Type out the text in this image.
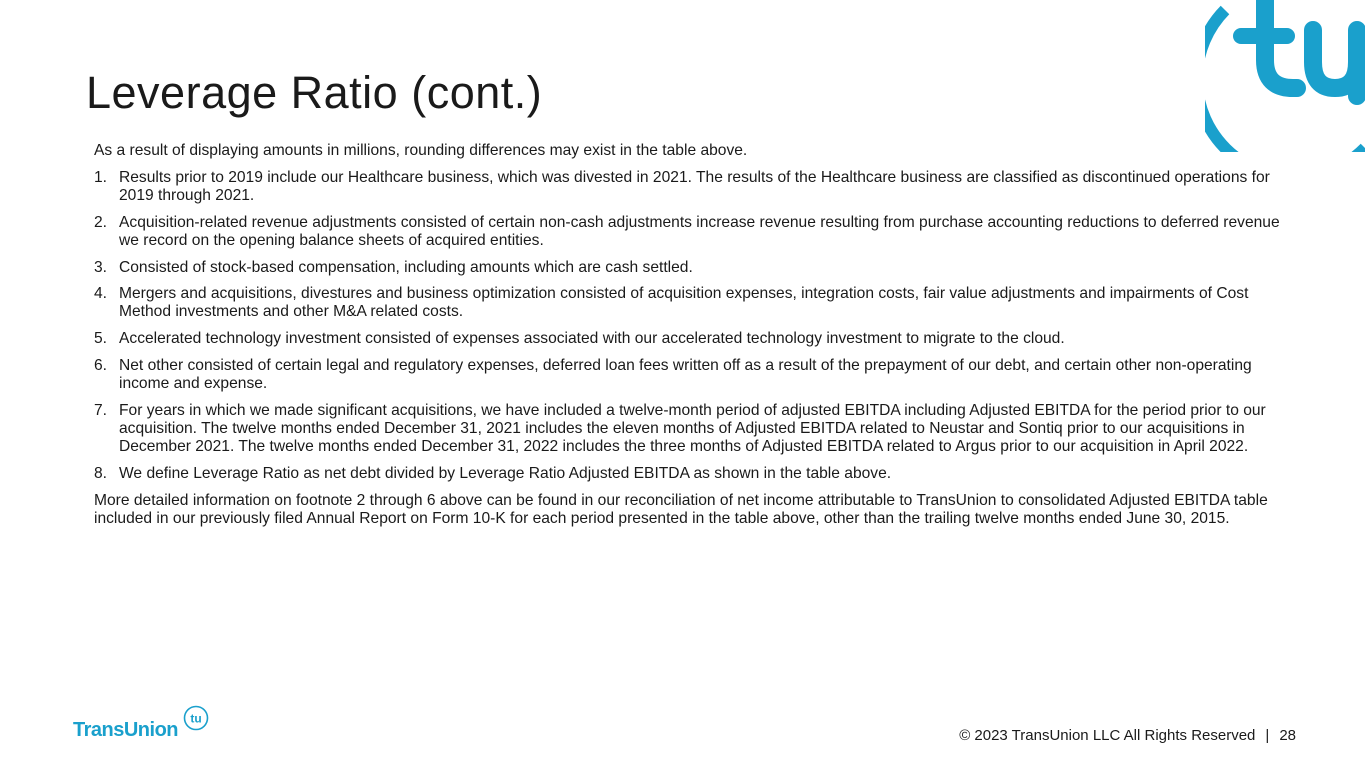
Leverage Ratio (cont.)

As a result of displaying amounts in millions, rounding differences may exist in the table above.

1. Results prior to 2019 include our Healthcare business, which was divested in 2021. The results of the Healthcare business are classified as discontinued operations for 2019 through 2021.
2. Acquisition-related revenue adjustments consisted of certain non-cash adjustments increase revenue resulting from purchase accounting reductions to deferred revenue we record on the opening balance sheets of acquired entities.
3. Consisted of stock-based compensation, including amounts which are cash settled.
4. Mergers and acquisitions, divestures and business optimization consisted of acquisition expenses, integration costs, fair value adjustments and impairments of Cost Method investments and other M&A related costs.
5. Accelerated technology investment consisted of expenses associated with our accelerated technology investment to migrate to the cloud.
6. Net other consisted of certain legal and regulatory expenses, deferred loan fees written off as a result of the prepayment of our debt, and certain other non-operating income and expense.
7. For years in which we made significant acquisitions, we have included a twelve-month period of adjusted EBITDA including Adjusted EBITDA for the period prior to our acquisition. The twelve months ended December 31, 2021 includes the eleven months of Adjusted EBITDA related to Neustar and Sontiq prior to our acquisitions in December 2021. The twelve months ended December 31, 2022 includes the three months of Adjusted EBITDA related to Argus prior to our acquisition in April 2022.
8. We define Leverage Ratio as net debt divided by Leverage Ratio Adjusted EBITDA as shown in the table above.

More detailed information on footnote 2 through 6 above can be found in our reconciliation of net income attributable to TransUnion to consolidated Adjusted EBITDA table included in our previously filed Annual Report on Form 10-K for each period presented in the table above, other than the trailing twelve months ended June 30, 2015.

TransUnion
tu
© 2023 TransUnion LLC All Rights Reserved | 28
